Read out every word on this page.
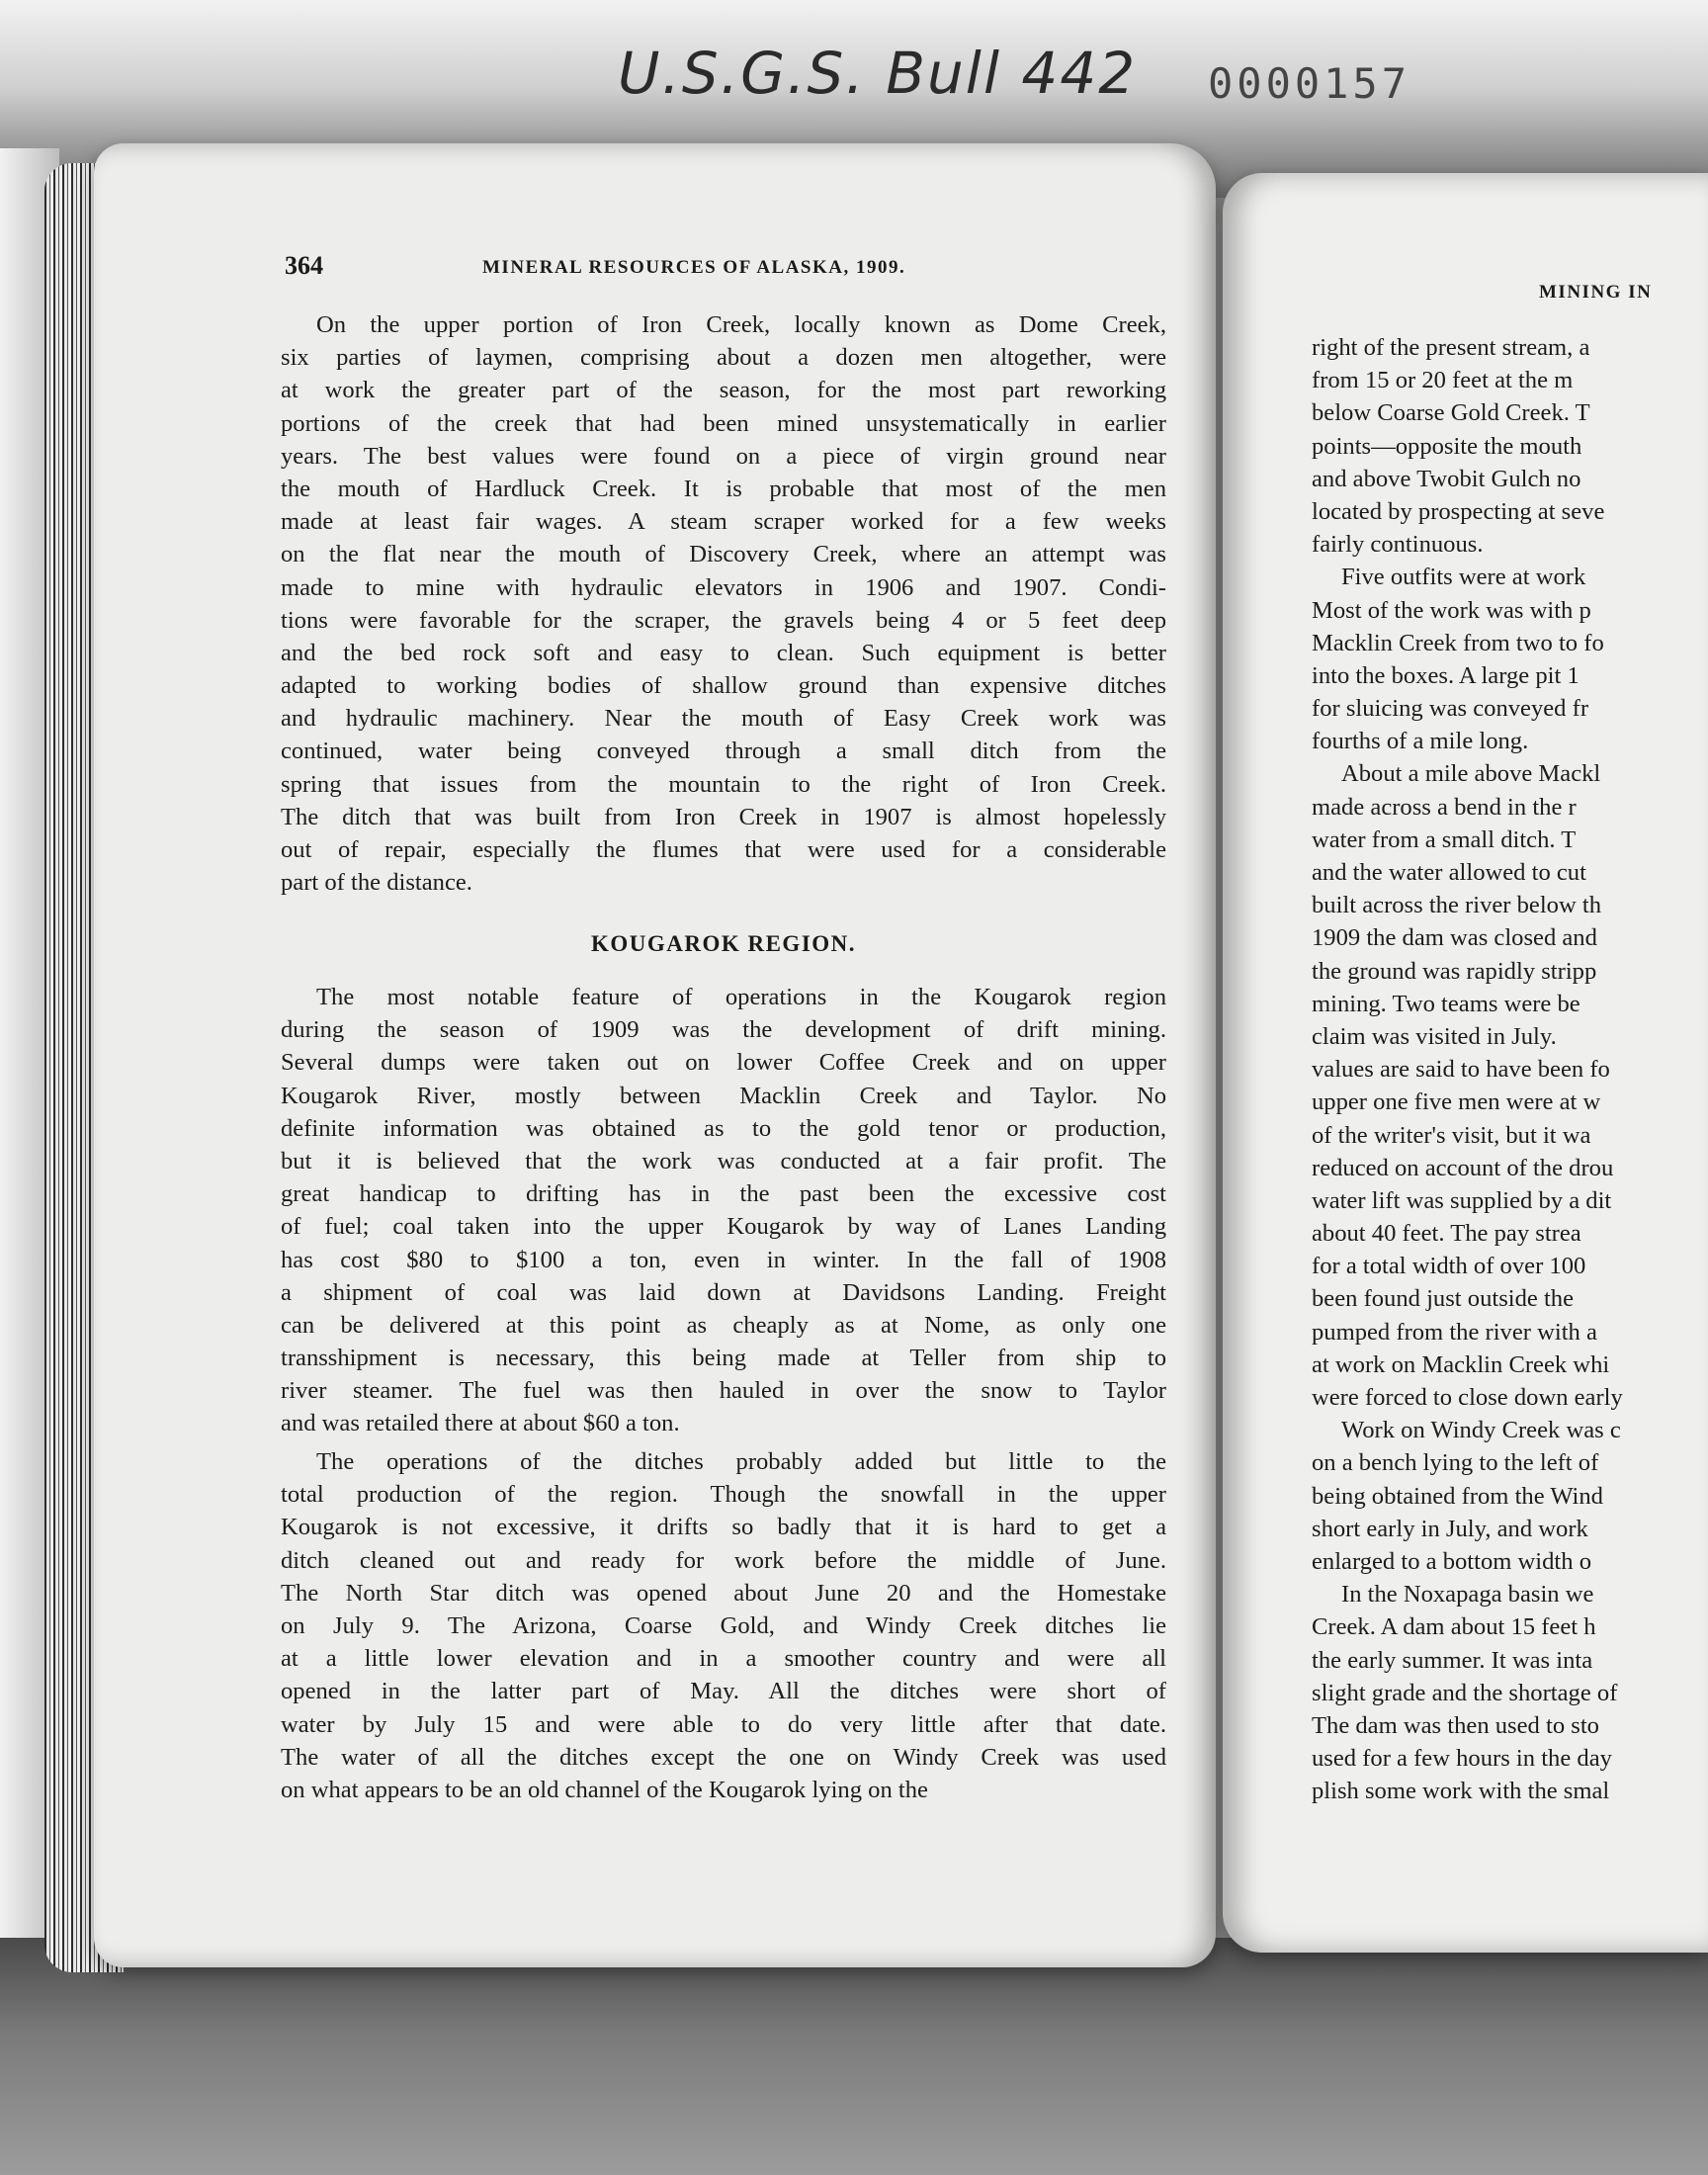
U.S.G.S. Bull 442 0000157
364	MINERAL RESOURCES OF ALASKA, 1909.
On the upper portion of Iron Creek, locally known as Dome Creek,
six parties of laymen, comprising about a dozen men altogether, were
at work the greater part of the season, for the most part reworking
portions of the creek that had been mined unsystematically in earlier
years. The best values were found on a piece of virgin ground near
the mouth of Hardluck Creek. It is probable that most of the men
made at least fair wages. A steam scraper worked for a few weeks
on the flat near the mouth of Discovery Creek, where an attempt was
made to mine with hydraulic elevators in 1906 and 1907. Condi-
tions were favorable for the scraper, the gravels being 4 or 5 feet deep
and the bed rock soft and easy to clean. Such equipment is better
adapted to working bodies of shallow ground than expensive ditches
and hydraulic machinery. Near the mouth of Easy Creek work was
continued, water being conveyed through a small ditch from the
spring that issues from the mountain to the right of Iron Creek.
The ditch that was built from Iron Creek in 1907 is almost hopelessly
out of repair, especially the flumes that were used for a considerable
part of the distance.
KOUGAROK REGION.
The most notable feature of operations in the Kougarok region
during the season of 1909 was the development of drift mining.
Several dumps were taken out on lower Coffee Creek and on upper
Kougarok River, mostly between Macklin Creek and Taylor. No
definite information was obtained as to the gold tenor or production,
but it is believed that the work was conducted at a fair profit. The
great handicap to drifting has in the past been the excessive cost
of fuel; coal taken into the upper Kougarok by way of Lanes Landing
has cost $80 to $100 a ton, even in winter. In the fall of 1908
a shipment of coal was laid down at Davidsons Landing. Freight
can be delivered at this point as cheaply as at Nome, as only one
transshipment is necessary, this being made at Teller from ship to
river steamer. The fuel was then hauled in over the snow to Taylor
and was retailed there at about $60 a ton.
The operations of the ditches probably added but little to the
total production of the region. Though the snowfall in the upper
Kougarok is not excessive, it drifts so badly that it is hard to get a
ditch cleaned out and ready for work before the middle of June.
The North Star ditch was opened about June 20 and the Homestake
on July 9. The Arizona, Coarse Gold, and Windy Creek ditches lie
at a little lower elevation and in a smoother country and were all
opened in the latter part of May. All the ditches were short of
water by July 15 and were able to do very little after that date.
The water of all the ditches except the one on Windy Creek was used
on what appears to be an old channel of the Kougarok lying on the
MINING IN
right of the present stream, a
from 15 or 20 feet at the m
below Coarse Gold Creek. T
points—opposite the mouth
and above Twobit Gulch no
located by prospecting at seve
fairly continuous.
Five outfits were at work
Most of the work was with p
Macklin Creek from two to fo
into the boxes. A large pit 1
for sluicing was conveyed fr
fourths of a mile long.
About a mile above Mackl
made across a bend in the r
water from a small ditch. T
and the water allowed to cut
built across the river below th
1909 the dam was closed and
the ground was rapidly stripp
mining. Two teams were be
claim was visited in July.
values are said to have been fo
upper one five men were at w
of the writer's visit, but it wa
reduced on account of the drou
water lift was supplied by a dit
about 40 feet. The pay strea
for a total width of over 100
been found just outside the
pumped from the river with a
at work on Macklin Creek whi
were forced to close down early
Work on Windy Creek was c
on a bench lying to the left of
being obtained from the Wind
short early in July, and work
enlarged to a bottom width o
In the Noxapaga basin we
Creek. A dam about 15 feet h
the early summer. It was inta
slight grade and the shortage of
The dam was then used to sto
used for a few hours in the day
plish some work with the smal
